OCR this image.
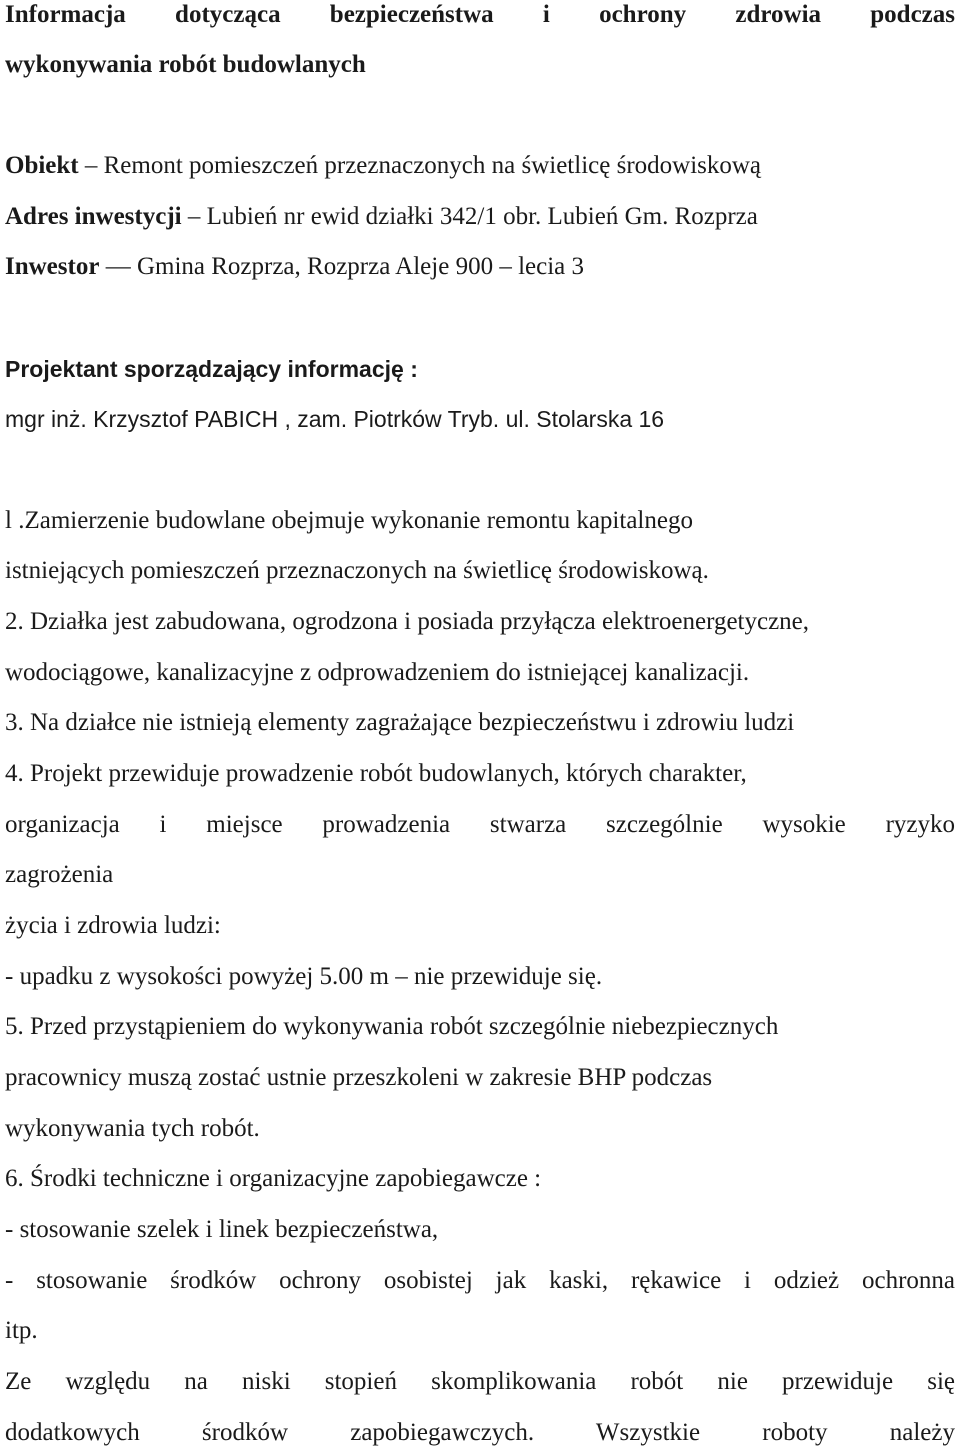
Informacja dotycząca bezpieczeństwa i ochrony zdrowia podczas

wykonywania robót budowlanych

Obiekt – Remont pomieszczeń przeznaczonych na świetlicę środowiskową

Adres inwestycji – Lubień nr ewid działki 342/1 obr. Lubień Gm. Rozprza

Inwestor — Gmina Rozprza, Rozprza Aleje 900 – lecia 3

Projektant sporządzający informację :

mgr inż. Krzysztof PABICH , zam. Piotrków Tryb. ul. Stolarska 16

l .Zamierzenie budowlane obejmuje wykonanie remontu kapitalnego

istniejących pomieszczeń przeznaczonych na świetlicę środowiskową.

2. Działka jest zabudowana, ogrodzona i posiada przyłącza elektroenergetyczne,

wodociągowe, kanalizacyjne z odprowadzeniem do istniejącej kanalizacji.

3. Na działce nie istnieją elementy zagrażające bezpieczeństwu i zdrowiu ludzi

4. Projekt przewiduje prowadzenie robót budowlanych, których charakter,

organizacja i miejsce prowadzenia stwarza szczególnie wysokie ryzyko

zagrożenia

życia i zdrowia ludzi:

- upadku z wysokości powyżej 5.00 m – nie przewiduje się.

5. Przed przystąpieniem do wykonywania robót szczególnie niebezpiecznych

pracownicy muszą zostać ustnie przeszkoleni w zakresie BHP podczas

wykonywania tych robót.

6. Środki techniczne i organizacyjne zapobiegawcze :

- stosowanie szelek i linek bezpieczeństwa,

- stosowanie środków ochrony osobistej jak kaski, rękawice i odzież ochronna

itp.

Ze względu na niski stopień skomplikowania robót nie przewiduje się

dodatkowych środków zapobiegawczych. Wszystkie roboty należy
